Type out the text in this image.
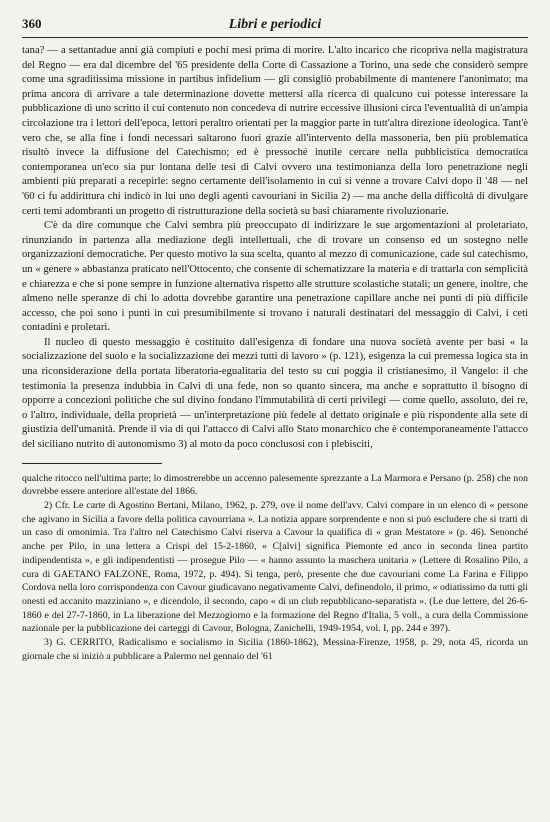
360	Libri e periodici

tana? — a settantadue anni già compiuti e pochi mesi prima di morire. L'alto incarico che ricopriva nella magistratura del Regno — era dal dicembre del '65 presidente della Corte di Cassazione a Torino, una sede che considerò sempre come una sgraditissima missione in partibus infidelium — gli consigliò probabilmente di mantenere l'anonimato; ma prima ancora di arrivare a tale determinazione dovette mettersi alla ricerca di qualcuno cui potesse interessare la pubblicazione di uno scritto il cui contenuto non concedeva di nutrire eccessive illusioni circa l'eventualità di un'ampia circolazione tra i lettori dell'epoca, lettori peraltro orientati per la maggior parte in tutt'altra direzione ideologica. Tant'è vero che, se alla fine i fondi necessari saltarono fuori grazie all'intervento della massoneria, ben più problematica risultò invece la diffusione del Catechismo; ed è pressoché inutile cercare nella pubblicistica democratica contemporanea un'eco sia pur lontana delle tesi di Calvi ovvero una testimonianza della loro penetrazione negli ambienti più preparati a recepirle: segno certamente dell'isolamento in cui si venne a trovare Calvi dopo il '48 — nel '60 ci fu addirittura chi indicò in lui uno degli agenti cavouriani in Sicilia 2) — ma anche della difficoltà di divulgare certi temi adombranti un progetto di ristrutturazione della società su basi chiaramente rivoluzionarie.

C'è da dire comunque che Calvi sembra più preoccupato di indirizzare le sue argomentazioni al proletariato, rinunziando in partenza alla mediazione degli intellettuali, che di trovare un consenso ed un sostegno nelle organizzazioni democratiche. Per questo motivo la sua scelta, quanto al mezzo di comunicazione, cade sul catechismo, un « genere » abbastanza praticato nell'Ottocento, che consente di schematizzare la materia e di trattarla con semplicità e chiarezza e che si pone sempre in funzione alternativa rispetto alle strutture scolastiche statali; un genere, inoltre, che almeno nelle speranze di chi lo adotta dovrebbe garantire una penetrazione capillare anche nei punti di più difficile accesso, che poi sono i punti in cui presumibilmente si trovano i naturali destinatari del messaggio di Calvi, i ceti contadini e proletari.

Il nucleo di questo messaggio è costituito dall'esigenza di fondare una nuova società avente per basi « la socializzazione del suolo e la socializzazione dei mezzi tutti di lavoro » (p. 121), esigenza la cui premessa logica sta in una riconsiderazione della portata liberatoria-egualitaria del testo su cui poggia il cristianesimo, il Vangelo: il che testimonia la presenza indubbia in Calvi di una fede, non so quanto sincera, ma anche e soprattutto il bisogno di opporre a concezioni politiche che sul divino fondano l'immutabilità di certi privilegi — come quello, assoluto, dei re, o l'altro, individuale, della proprietà — un'interpretazione più fedele al dettato originale e più rispondente alla sete di giustizia dell'umanità. Prende il via di qui l'attacco di Calvi allo Stato monarchico che è contemporaneamente l'attacco del siciliano nutrito di autonomismo 3) al moto da poco conclusosi con i plebisciti,

qualche ritocco nell'ultima parte; lo dimostrerebbe un accenno palesemente sprezzante a La Marmora e Persano (p. 258) che non dovrebbe essere anteriore all'estate del 1866.

2) Cfr. Le carte di Agostino Bertani, Milano, 1962, p. 279, ove il nome dell'avv. Calvi compare in un elenco di « persone che agivano in Sicilia a favore della politica cavourriana ». La notizia appare sorprendente e non si può escludere che si tratti di un caso di omonimia. Tra l'altro nel Catechismo Calvi riserva a Cavour la qualifica di « gran Mestatore » (p. 46). Senonché anche per Pilo, in una lettera a Crispi del 15-2-1860, « C[alvi] significa Piemonte ed anco in seconda linea partito indipendentista », e gli indipendentisti — prosegue Pilo — « hanno assunto la maschera unitaria » (Lettere di Rosalino Pilo, a cura di GAETANO FALZONE, Roma, 1972, p. 494). Si tenga, però, presente che due cavouriani come La Farina e Filippo Cordova nella loro corrispondenza con Cavour giudicavano negativamente Calvi, definendolo, il primo, « odiatissimo da tutti gli onesti ed accanito mazziniano », e dicendolo, il secondo, capo « di un club repubblicano-separatista ». (Le due lettere, del 26-6-1860 e del 27-7-1860, in La liberazione del Mezzogiorno e la formazione del Regno d'Italia, 5 voll., a cura della Commissione nazionale per la pubblicazione dei carteggi di Cavour, Bologna, Zanichelli, 1949-1954, vol. I, pp. 244 e 397).

3) G. CERRITO, Radicalismo e socialismo in Sicilia (1860-1862), Messina-Firenze, 1958, p. 29, nota 45, ricorda un giornale che si iniziò a pubblicare a Palermo nel gennaio del '61
